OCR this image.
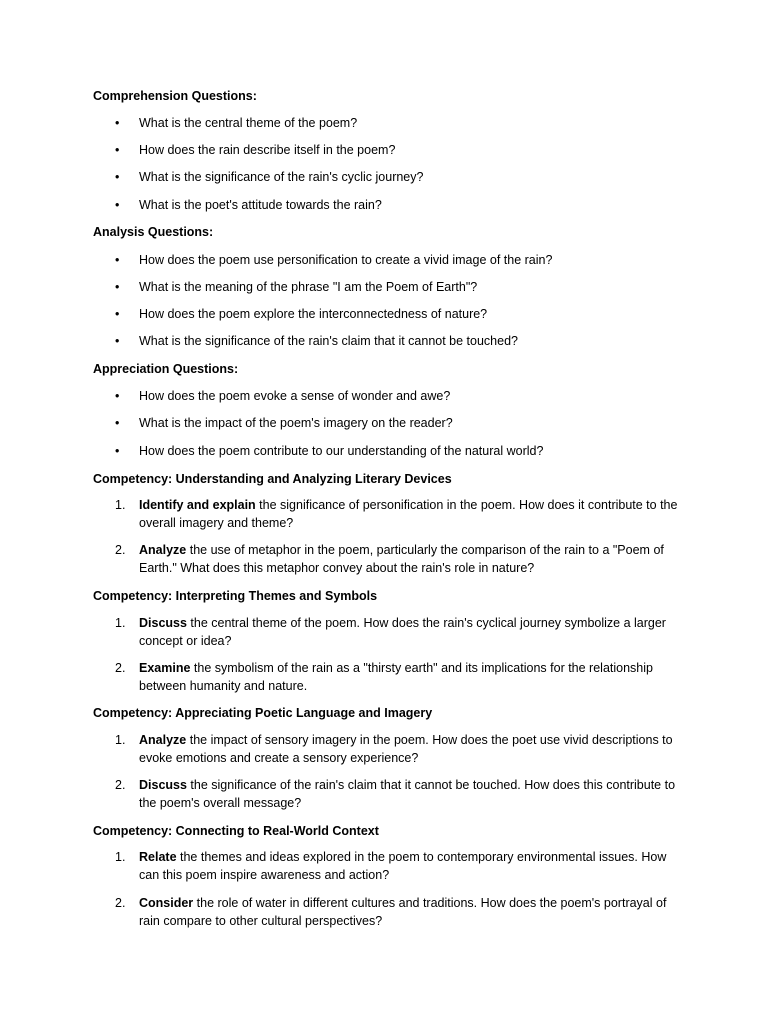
Comprehension Questions:
• What is the central theme of the poem?
• How does the rain describe itself in the poem?
• What is the significance of the rain's cyclic journey?
• What is the poet's attitude towards the rain?
Analysis Questions:
• How does the poem use personification to create a vivid image of the rain?
• What is the meaning of the phrase "I am the Poem of Earth"?
• How does the poem explore the interconnectedness of nature?
• What is the significance of the rain's claim that it cannot be touched?
Appreciation Questions:
• How does the poem evoke a sense of wonder and awe?
• What is the impact of the poem's imagery on the reader?
• How does the poem contribute to our understanding of the natural world?
Competency: Understanding and Analyzing Literary Devices
1. Identify and explain the significance of personification in the poem. How does it contribute to the overall imagery and theme?
2. Analyze the use of metaphor in the poem, particularly the comparison of the rain to a "Poem of Earth." What does this metaphor convey about the rain's role in nature?
Competency: Interpreting Themes and Symbols
1. Discuss the central theme of the poem. How does the rain's cyclical journey symbolize a larger concept or idea?
2. Examine the symbolism of the rain as a "thirsty earth" and its implications for the relationship between humanity and nature.
Competency: Appreciating Poetic Language and Imagery
1. Analyze the impact of sensory imagery in the poem. How does the poet use vivid descriptions to evoke emotions and create a sensory experience?
2. Discuss the significance of the rain's claim that it cannot be touched. How does this contribute to the poem's overall message?
Competency: Connecting to Real-World Context
1. Relate the themes and ideas explored in the poem to contemporary environmental issues. How can this poem inspire awareness and action?
2. Consider the role of water in different cultures and traditions. How does the poem's portrayal of rain compare to other cultural perspectives?
